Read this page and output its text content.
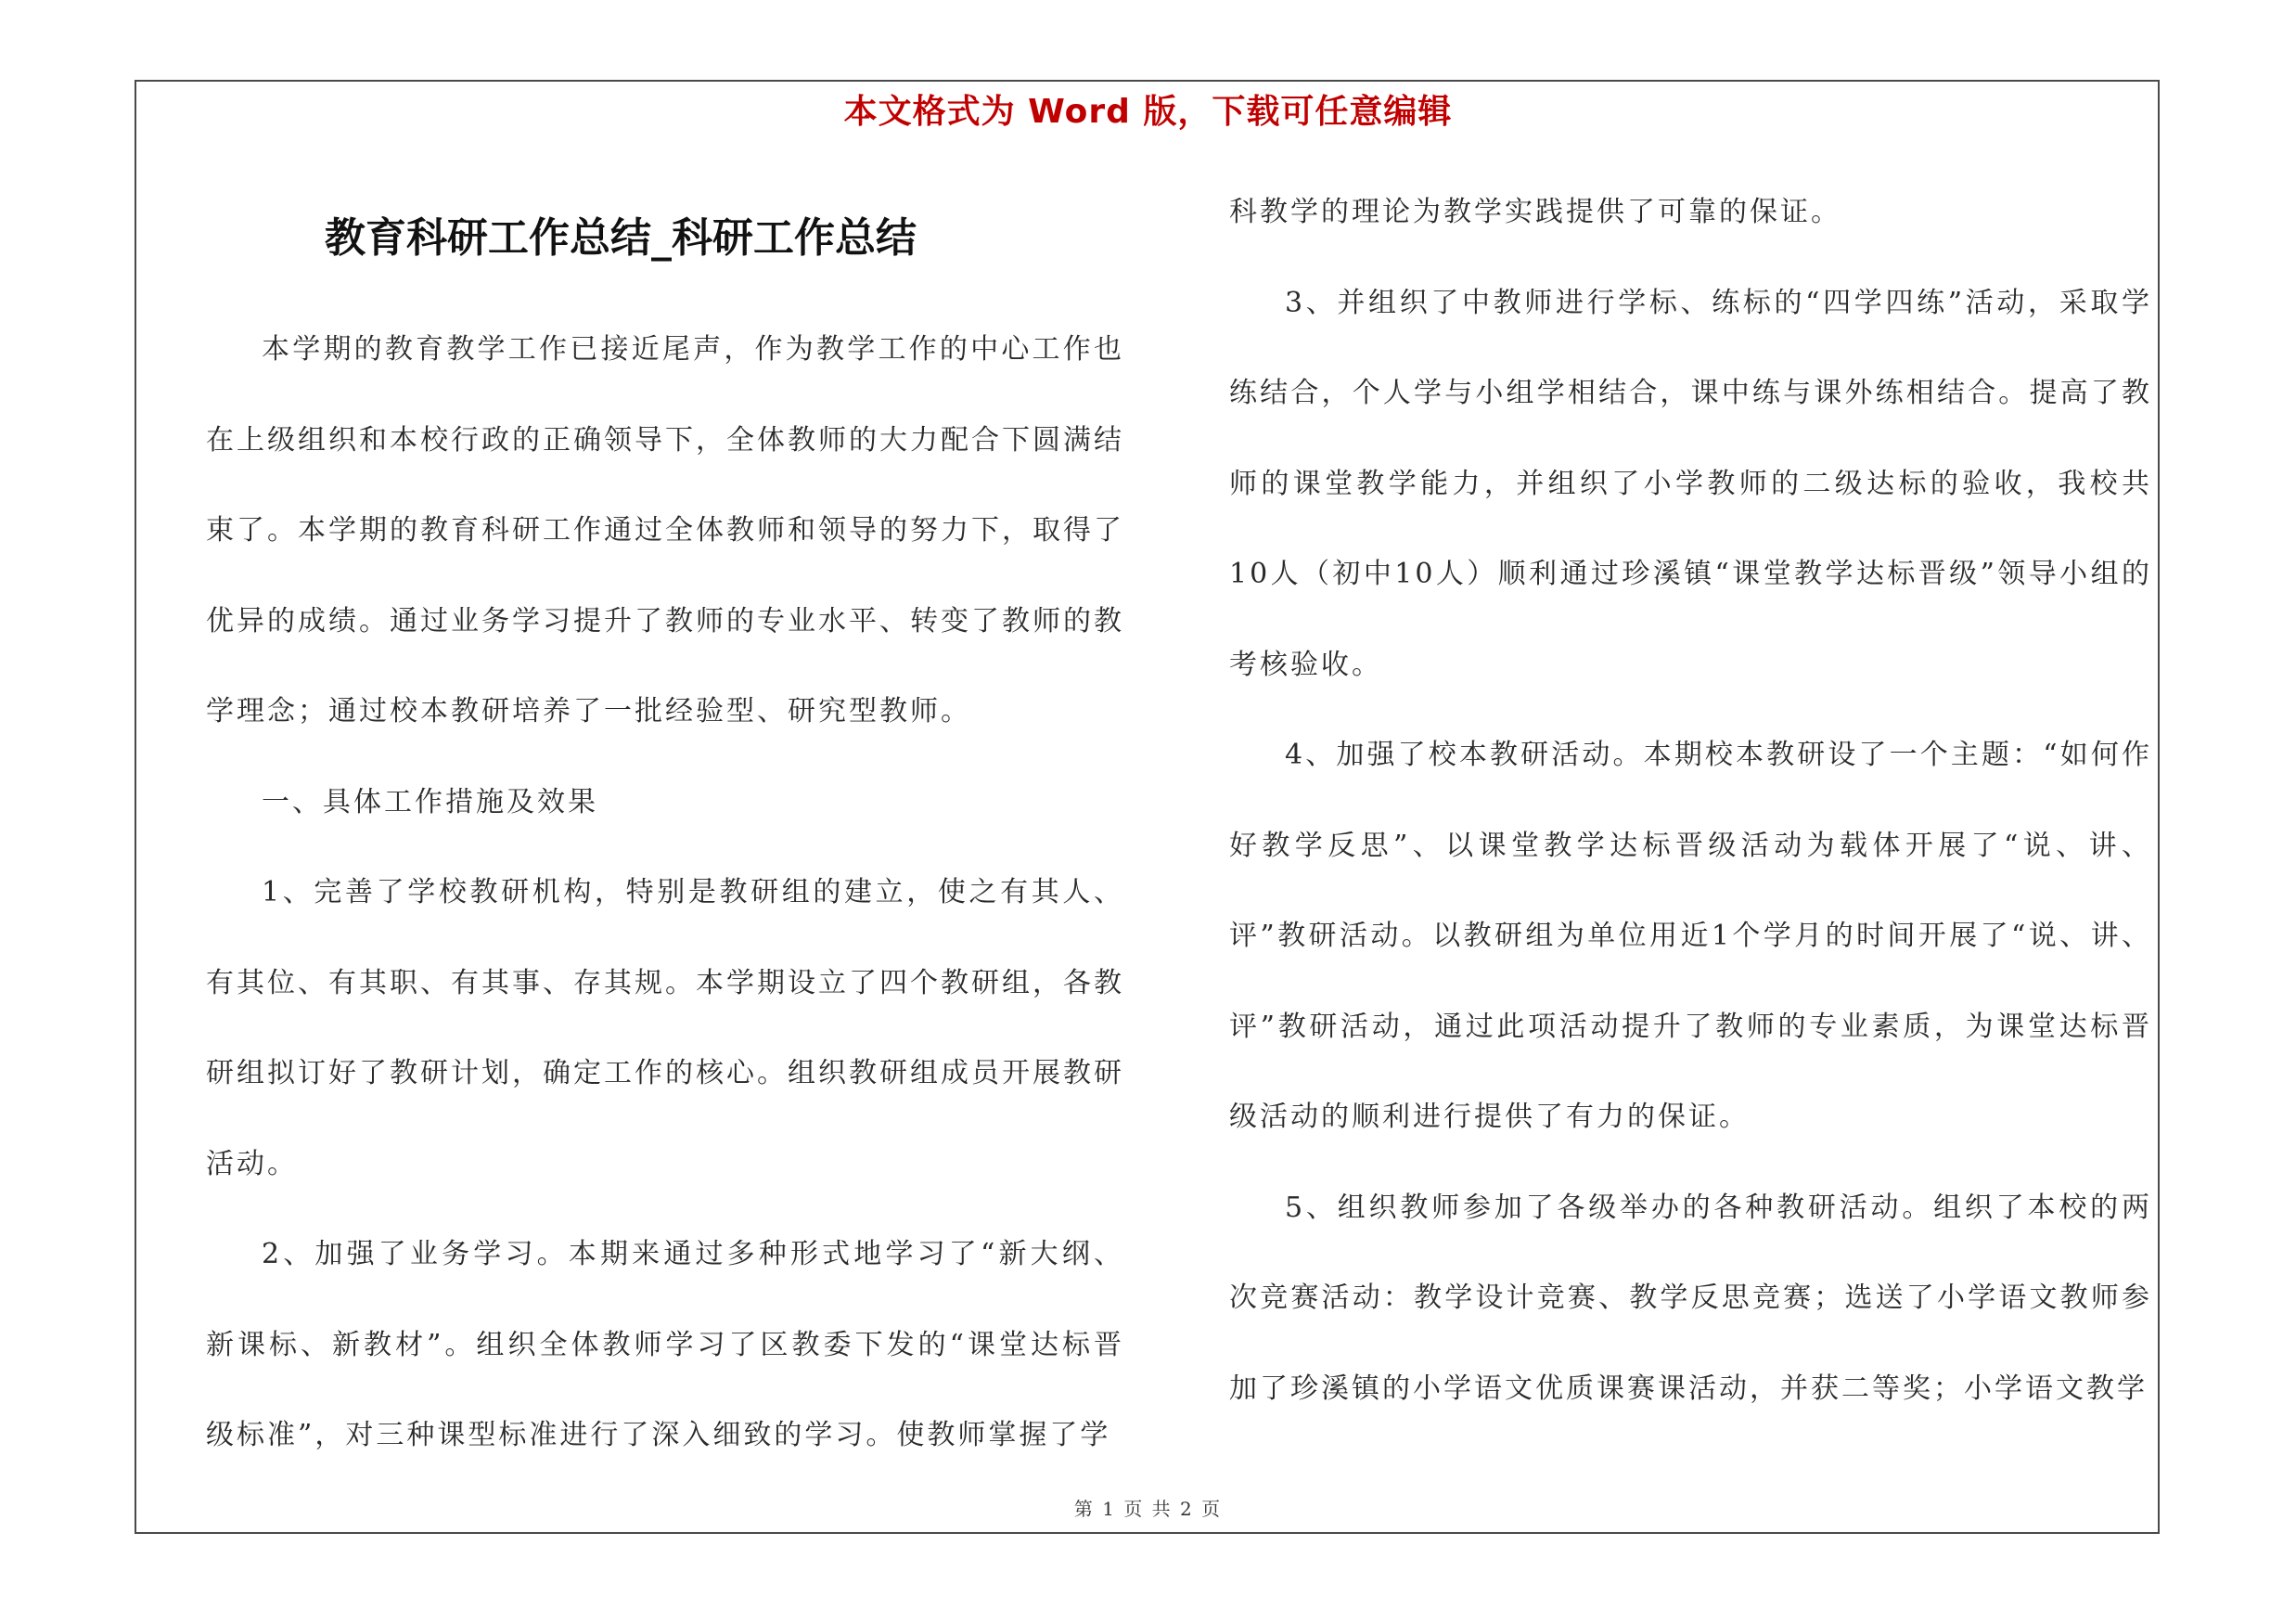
本文格式为 Word 版，下载可任意编辑
教育科研工作总结_科研工作总结

本学期的教育教学工作已接近尾声，作为教学工作的中心工作也在上级组织和本校行政的正确领导下，全体教师的大力配合下圆满结束了。本学期的教育科研工作通过全体教师和领导的努力下，取得了优异的成绩。通过业务学习提升了教师的专业水平、转变了教师的教学理念；通过校本教研培养了一批经验型、研究型教师。

一、具体工作措施及效果

1、完善了学校教研机构，特别是教研组的建立，使之有其人、有其位、有其职、有其事、存其规。本学期设立了四个教研组，各教研组拟订好了教研计划，确定工作的核心。组织教研组成员开展教研活动。

2、加强了业务学习。本期来通过多种形式地学习了“新大纲、新课标、新教材”。组织全体教师学习了区教委下发的“课堂达标晋级标准”，对三种课型标准进行了深入细致的学习。使教师掌握了学

科教学的理论为教学实践提供了可靠的保证。

3、并组织了中教师进行学标、练标的“四学四练”活动，采取学练结合，个人学与小组学相结合，课中练与课外练相结合。提高了教师的课堂教学能力，并组织了小学教师的二级达标的验收，我校共10人（初中10人）顺利通过珍溪镇“课堂教学达标晋级”领导小组的考核验收。

4、加强了校本教研活动。本期校本教研设了一个主题：“如何作好教学反思”、以课堂教学达标晋级活动为载体开展了“说、讲、评”教研活动。以教研组为单位用近1个学月的时间开展了“说、讲、评”教研活动，通过此项活动提升了教师的专业素质，为课堂达标晋级活动的顺利进行提供了有力的保证。

5、组织教师参加了各级举办的各种教研活动。组织了本校的两次竞赛活动：教学设计竞赛、教学反思竞赛；选送了小学语文教师参加了珍溪镇的小学语文优质课赛课活动，并获二等奖；小学语文教学

第 1 页 共 2 页
